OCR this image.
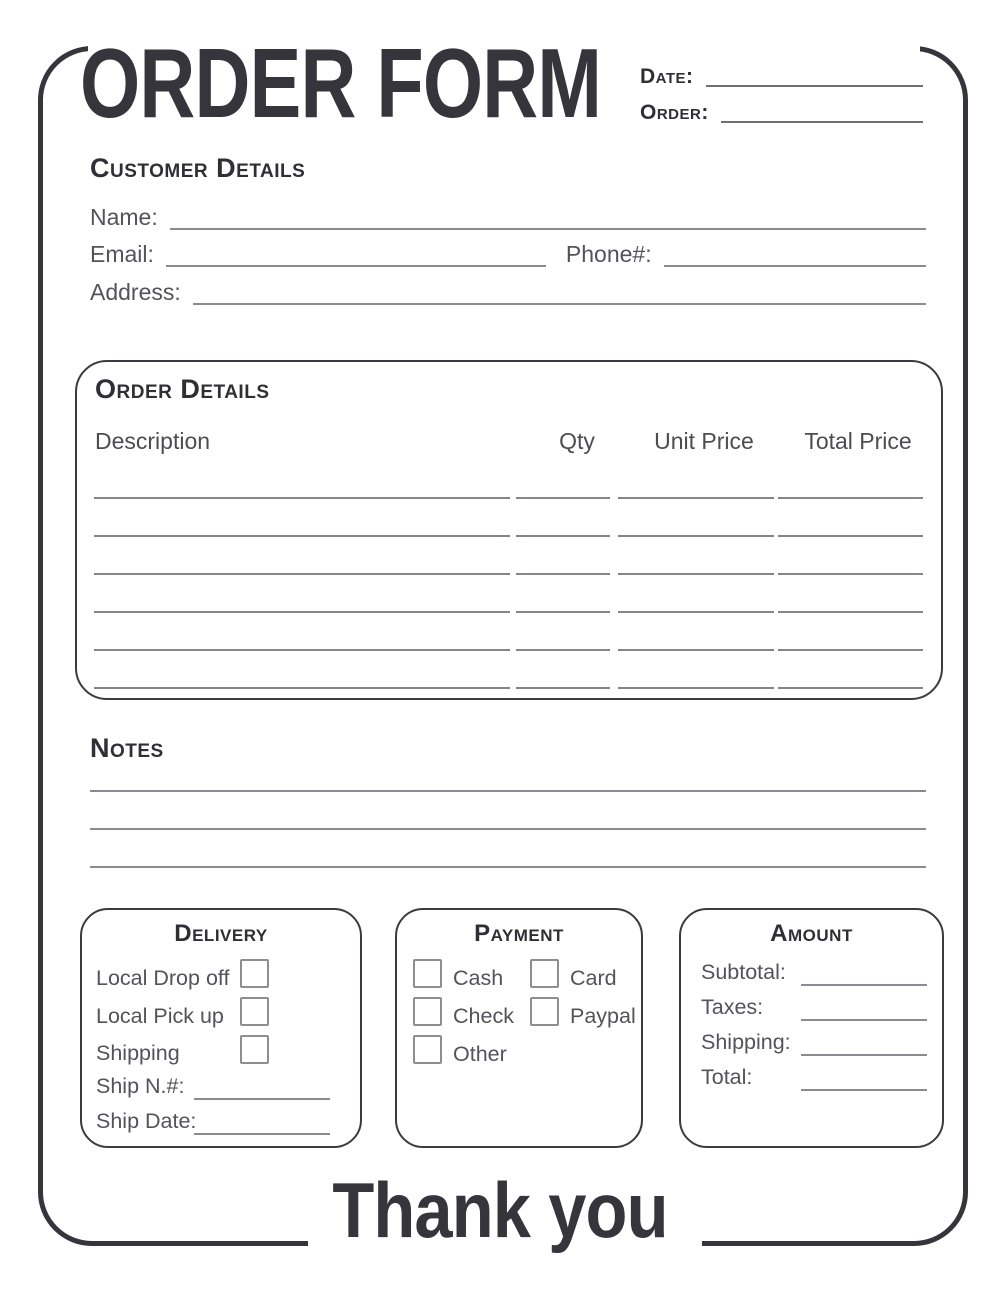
ORDER FORM Date:
Order:
Customer Details
Name:
Email:	Phone#:
Address:
Order Details
Description	Qty	Unit Price	Total Price
Notes
Delivery
Local Drop off
Local Pick up
Shipping
Ship N.#:
Ship Date:
Payment
Cash
Check
Other
Card
Paypal
Amount
Subtotal:
Taxes:
Shipping:
Total:
Thank you
